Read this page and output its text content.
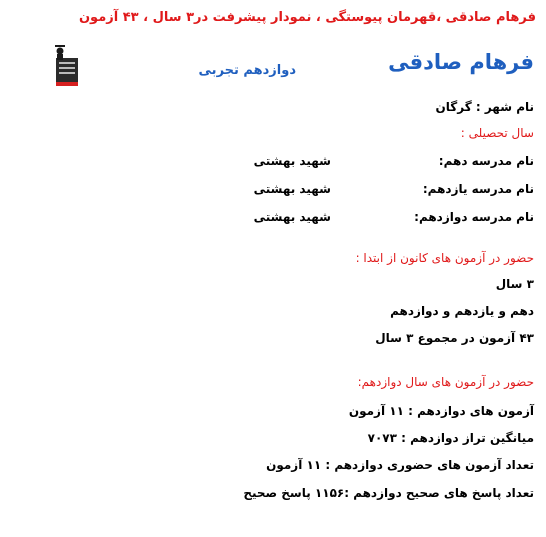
فرهام صادقی ،قهرمان پیوستگی ، نمودار پیشرفت در۳ سال ، ۴۳ آزمون
فرهام صادقی
دوازدهم تجربی
نام شهر : گرگان
سال تحصیلی :
نام مدرسه دهم:
شهید بهشتی
نام مدرسه یازدهم:
شهید بهشتی
نام مدرسه دوازدهم:
شهید بهشتی
حضور در آزمون های کانون از ابتدا :
۳ سال
دهم و یازدهم و دوازدهم
۴۳ آزمون در مجموع ۳ سال
حضور در آزمون های سال دوازدهم:
آزمون های دوازدهم : ۱۱ آزمون
میانگین تراز دوازدهم : ۷۰۷۳
تعداد آزمون های حضوری دوازدهم : ۱۱ آزمون
تعداد پاسخ های صحیح دوازدهم :۱۱۵۶ پاسخ صحیح
